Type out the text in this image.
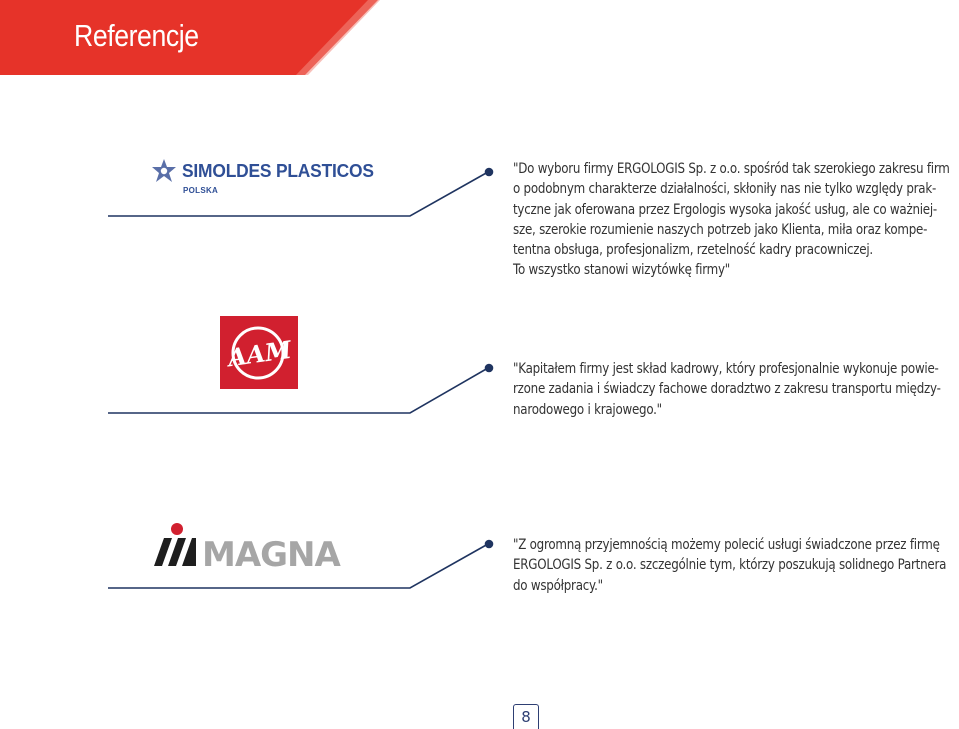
Referencje
SIMOLDES PLASTICOS
POLSKA
AAM
MAGNA

"Do wyboru firmy ERGOLOGIS Sp. z o.o. spośród tak szerokiego zakresu firm

o podobnym charakterze działalności, skłoniły nas nie tylko względy prak-

tyczne jak oferowana przez Ergologis wysoka jakość usług, ale co ważniej-

sze, szerokie rozumienie naszych potrzeb jako Klienta, miła oraz kompe-

tentna obsługa, profesjonalizm, rzetelność kadry pracowniczej.

To wszystko stanowi wizytówkę firmy"

"Kapitałem firmy jest skład kadrowy, który profesjonalnie wykonuje powie-

rzone zadania i świadczy fachowe doradztwo z zakresu transportu między-

narodowego i krajowego."

"Z ogromną przyjemnością możemy polecić usługi świadczone przez firmę

ERGOLOGIS Sp. z o.o. szczególnie tym, którzy poszukują solidnego Partnera

do współpracy."

8
